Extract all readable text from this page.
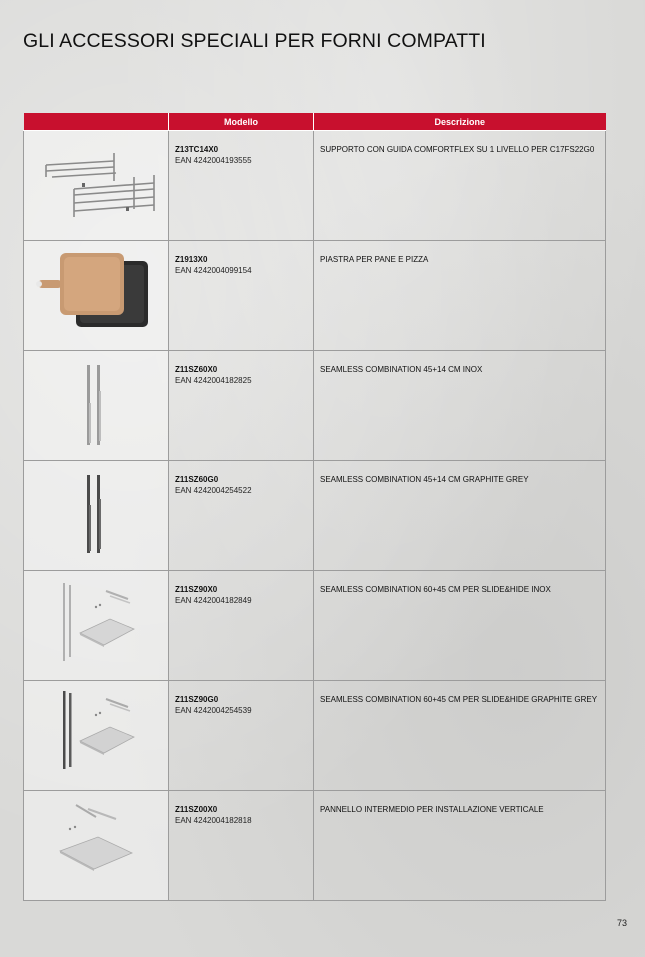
GLI ACCESSORI SPECIALI PER FORNI COMPATTI
	Modello	Descrizione

Z13TC14X0
EAN 4242004193555	SUPPORTO CON GUIDA COMFORTFLEX SU 1 LIVELLO PER C17FS22G0

Z1913X0
EAN 4242004099154	PIASTRA PER PANE E PIZZA

Z11SZ60X0
EAN 4242004182825	SEAMLESS COMBINATION 45+14 CM INOX

Z11SZ60G0
EAN 4242004254522	SEAMLESS COMBINATION 45+14 CM GRAPHITE GREY

Z11SZ90X0
EAN 4242004182849	SEAMLESS COMBINATION 60+45 CM PER SLIDE&HIDE INOX

Z11SZ90G0
EAN 4242004254539	SEAMLESS COMBINATION 60+45 CM PER SLIDE&HIDE GRAPHITE GREY

Z11SZ00X0
EAN 4242004182818	PANNELLO INTERMEDIO PER INSTALLAZIONE VERTICALE
73
